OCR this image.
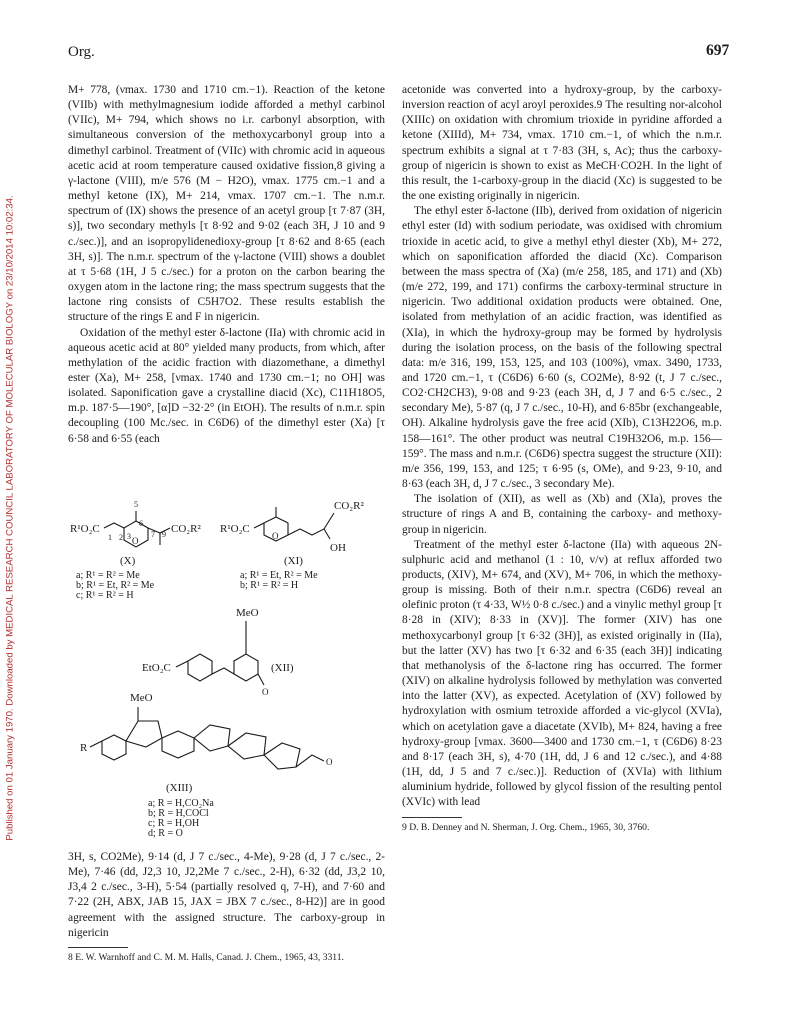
Published on 01 January 1970. Downloaded by MEDICAL RESEARCH COUNCIL LABORATORY OF MOLECULAR BIOLOGY on 23/10/2014 10:02:34.
Org.	697

M+ 778, (νmax. 1730 and 1710 cm.−1). Reaction of the ketone (VIIb) with methylmagnesium iodide afforded a methyl carbinol (VIIc), M+ 794, which shows no i.r. carbonyl absorption, with simultaneous conversion of the methoxycarbonyl group into a dimethyl carbinol. Treatment of (VIIc) with chromic acid in aqueous acetic acid at room temperature caused oxidative fission,8 giving a γ-lactone (VIII), m/e 576 (M − H2O), νmax. 1775 cm.−1 and a methyl ketone (IX), M+ 214, νmax. 1707 cm.−1. The n.m.r. spectrum of (IX) shows the presence of an acetyl group [τ 7·87 (3H, s)], two secondary methyls [τ 8·92 and 9·02 (each 3H, J 10 and 9 c./sec.)], and an isopropylidenedioxy-group [τ 8·62 and 8·65 (each 3H, s)]. The n.m.r. spectrum of the γ-lactone (VIII) shows a doublet at τ 5·68 (1H, J 5 c./sec.) for a proton on the carbon bearing the oxygen atom in the lactone ring; the mass spectrum suggests that the lactone ring consists of C5H7O2. These results establish the structure of the rings E and F in nigericin.

Oxidation of the methyl ester δ-lactone (IIa) with chromic acid in aqueous acetic acid at 80° yielded many products, from which, after methylation of the acidic fraction with diazomethane, a dimethyl ester (Xa), M+ 258, [νmax. 1740 and 1730 cm.−1; no OH] was isolated. Saponification gave a crystalline diacid (Xc), C11H18O5, m.p. 187·5—190°, [α]D −32·2° (in EtOH). The results of n.m.r. spin decoupling (100 Mc./sec. in C6D6) of the dimethyl ester (Xa) [τ 6·58 and 6·55 (each

R¹O₂C
5
6
1 2 3 O
7 9 CO₂R²
(X)
a; R¹ = R² = Me
b; R¹ = Et, R² = Me
c; R¹ = R² = H
R¹O₂C
O
CO₂R²
OH
(XI)
a; R¹ = Et, R² = Me
b; R¹ = R² = H
MeO
EtO₂C
O
(XII)
MeO
R
O
(XIII)
a; R = H,CO₂Na
b; R = H,COCl
c; R = H,OH
d; R = O

3H, s, CO2Me), 9·14 (d, J 7 c./sec., 4-Me), 9·28 (d, J 7 c./sec., 2-Me), 7·46 (dd, J2,3 10, J2,2Me 7 c./sec., 2-H), 6·32 (dd, J3,2 10, J3,4 2 c./sec., 3-H), 5·54 (partially resolved q, 7-H), and 7·60 and 7·22 (2H, ABX, JAB 15, JAX = JBX 7 c./sec., 8-H2)] are in good agreement with the assigned structure. The carboxy-group in nigericin

8 E. W. Warnhoff and C. M. M. Halls, Canad. J. Chem., 1965, 43, 3311.

acetonide was converted into a hydroxy-group, by the carboxy-inversion reaction of acyl aroyl peroxides.9 The resulting nor-alcohol (XIIIc) on oxidation with chromium trioxide in pyridine afforded a ketone (XIIId), M+ 734, νmax. 1710 cm.−1, of which the n.m.r. spectrum exhibits a signal at τ 7·83 (3H, s, Ac); thus the carboxy-group of nigericin is shown to exist as MeCH·CO2H. In the light of this result, the 1-carboxy-group in the diacid (Xc) is suggested to be the one existing originally in nigericin.

The ethyl ester δ-lactone (IIb), derived from oxidation of nigericin ethyl ester (Id) with sodium periodate, was oxidised with chromium trioxide in acetic acid, to give a methyl ethyl diester (Xb), M+ 272, which on saponification afforded the diacid (Xc). Comparison between the mass spectra of (Xa) (m/e 258, 185, and 171) and (Xb) (m/e 272, 199, and 171) confirms the carboxy-terminal structure in nigericin. Two additional oxidation products were obtained. One, isolated from methylation of an acidic fraction, was identified as (XIa), in which the hydroxy-group may be formed by hydrolysis during the isolation process, on the basis of the following spectral data: m/e 316, 199, 153, 125, and 103 (100%), νmax. 3490, 1733, and 1720 cm.−1, τ (C6D6) 6·60 (s, CO2Me), 8·92 (t, J 7 c./sec., CO2·CH2CH3), 9·08 and 9·23 (each 3H, d, J 7 and 6·5 c./sec., 2 secondary Me), 5·87 (q, J 7 c./sec., 10-H), and 6·85br (exchangeable, OH). Alkaline hydrolysis gave the free acid (XIb), C13H22O6, m.p. 158—161°. The other product was neutral C19H32O6, m.p. 156—159°. The mass and n.m.r. (C6D6) spectra suggest the structure (XII): m/e 356, 199, 153, and 125; τ 6·95 (s, OMe), and 9·23, 9·10, and 8·63 (each 3H, d, J 7 c./sec., 3 secondary Me).

The isolation of (XII), as well as (Xb) and (XIa), proves the structure of rings A and B, containing the carboxy- and methoxy-group in nigericin.

Treatment of the methyl ester δ-lactone (IIa) with aqueous 2N-sulphuric acid and methanol (1 : 10, v/v) at reflux afforded two products, (XIV), M+ 674, and (XV), M+ 706, in which the methoxy-group is missing. Both of their n.m.r. spectra (C6D6) reveal an olefinic proton (τ 4·33, W½ 0·8 c./sec.) and a vinylic methyl group [τ 8·28 in (XIV); 8·33 in (XV)]. The former (XIV) has one methoxycarbonyl group [τ 6·32 (3H)], as existed originally in (IIa), but the latter (XV) has two [τ 6·32 and 6·35 (each 3H)] indicating that methanolysis of the δ-lactone ring has occurred. The former (XIV) on alkaline hydrolysis followed by methylation was converted into the latter (XV), as expected. Acetylation of (XV) followed by hydroxylation with osmium tetroxide afforded a vic-glycol (XVIa), which on acetylation gave a diacetate (XVIb), M+ 824, having a free hydroxy-group [νmax. 3600—3400 and 1730 cm.−1, τ (C6D6) 8·23 and 8·17 (each 3H, s), 4·70 (1H, dd, J 6 and 12 c./sec.), and 4·88 (1H, dd, J 5 and 7 c./sec.)]. Reduction of (XVIa) with lithium aluminium hydride, followed by glycol fission of the resulting pentol (XVIc) with lead

9 D. B. Denney and N. Sherman, J. Org. Chem., 1965, 30, 3760.
